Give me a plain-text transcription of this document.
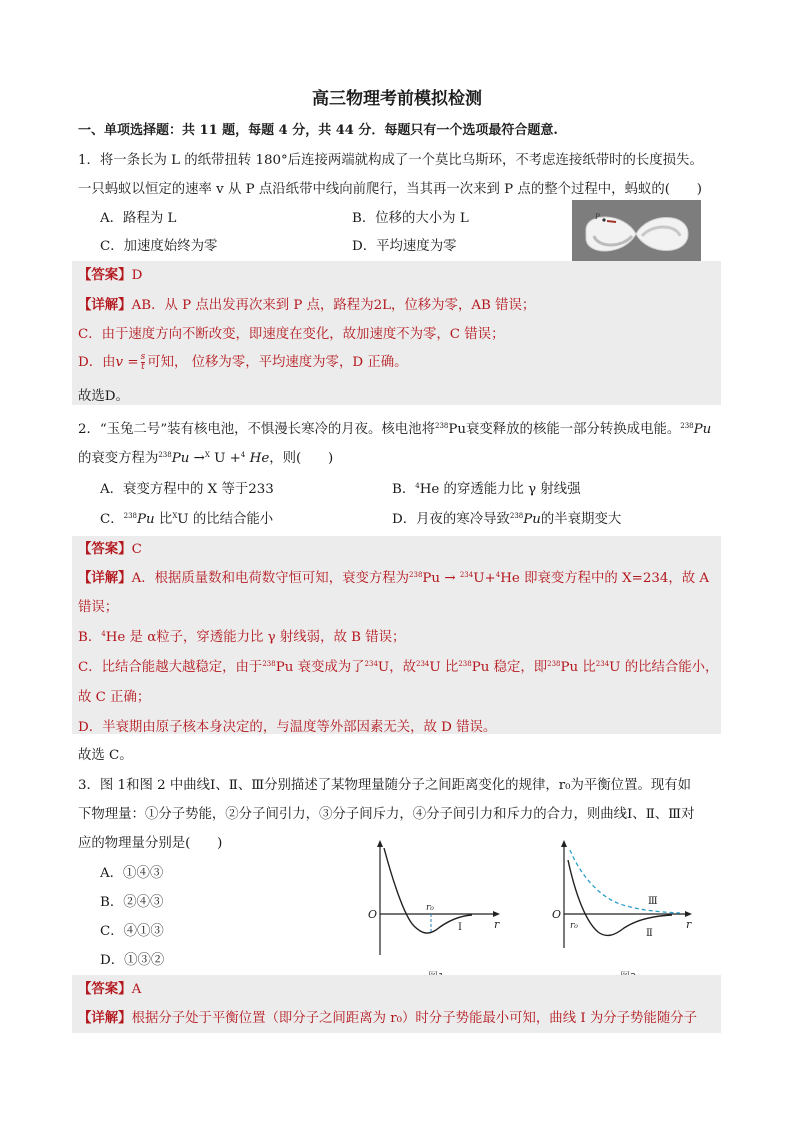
高三物理考前模拟检测
一、单项选择题：共 11 题，每题 4 分，共 44 分．每题只有一个选项最符合题意.
1．将一条长为 L 的纸带扭转 180°后连接两端就构成了一个莫比乌斯环，不考虑连接纸带时的长度损失。
一只蚂蚁以恒定的速率 v 从 P 点沿纸带中线向前爬行，当其再一次来到 P 点的整个过程中，蚂蚁的(　　)
A．路程为 L	B．位移的大小为 L
C．加速度始终为零	D．平均速度为零
P
【答案】D
【详解】AB．从 P 点出发再次来到 P 点，路程为2L，位移为零，AB 错误；
C．由于速度方向不断改变，即速度在变化，故加速度不为零，C 错误；
D．由$v = \frac{s}{t}$ 可知， 位移为零，平均速度为零，D 正确。
故选D。
2．“玉兔二号”装有核电池，不惧漫长寒冷的月夜。核电池将$^{238}$Pu衰变释放的核能一部分转换成电能。$^{238}$Pu
的衰变方程为$^{238}$Pu →$^X$ U +$^4$ He，则(　　)
A．衰变方程中的 X 等于233	B．$^4$He 的穿透能力比 γ 射线强
C．$^{238}$Pu 比$^X$U 的比结合能小	D．月夜的寒冷导致$^{238}$Pu的半衰期变大
【答案】C
【详解】A．根据质量数和电荷数守恒可知，衰变方程为$^{238}$Pu → $^{234}$U+$^4$He 即衰变方程中的 X=234，故 A
错误；
B．$^4$He 是 α粒子，穿透能力比 γ 射线弱，故 B 错误；
C．比结合能越大越稳定，由于$^{238}$Pu 衰变成为了$^{234}$U，故$^{234}$U 比$^{238}$Pu 稳定，即$^{238}$Pu 比$^{234}$U 的比结合能小，
故 C 正确；
D．半衰期由原子核本身决定的，与温度等外部因素无关，故 D 错误。
故选 C。
3．图 1和图 2 中曲线Ⅰ、Ⅱ、Ⅲ分别描述了某物理量随分子之间距离变化的规律，r₀为平衡位置。现有如
下物理量：①分子势能，②分子间引力，③分子间斥力，④分子间引力和斥力的合力，则曲线Ⅰ、Ⅱ、Ⅲ对
应的物理量分别是(　　)
A．①④③
B．②④③
C．④①③
D．①③②
O
r
r₀
Ⅰ
O
r
r₀
Ⅲ
Ⅱ
【答案】A
【详解】根据分子处于平衡位置（即分子之间距离为 r₀）时分子势能最小可知，曲线 I 为分子势能随分子
